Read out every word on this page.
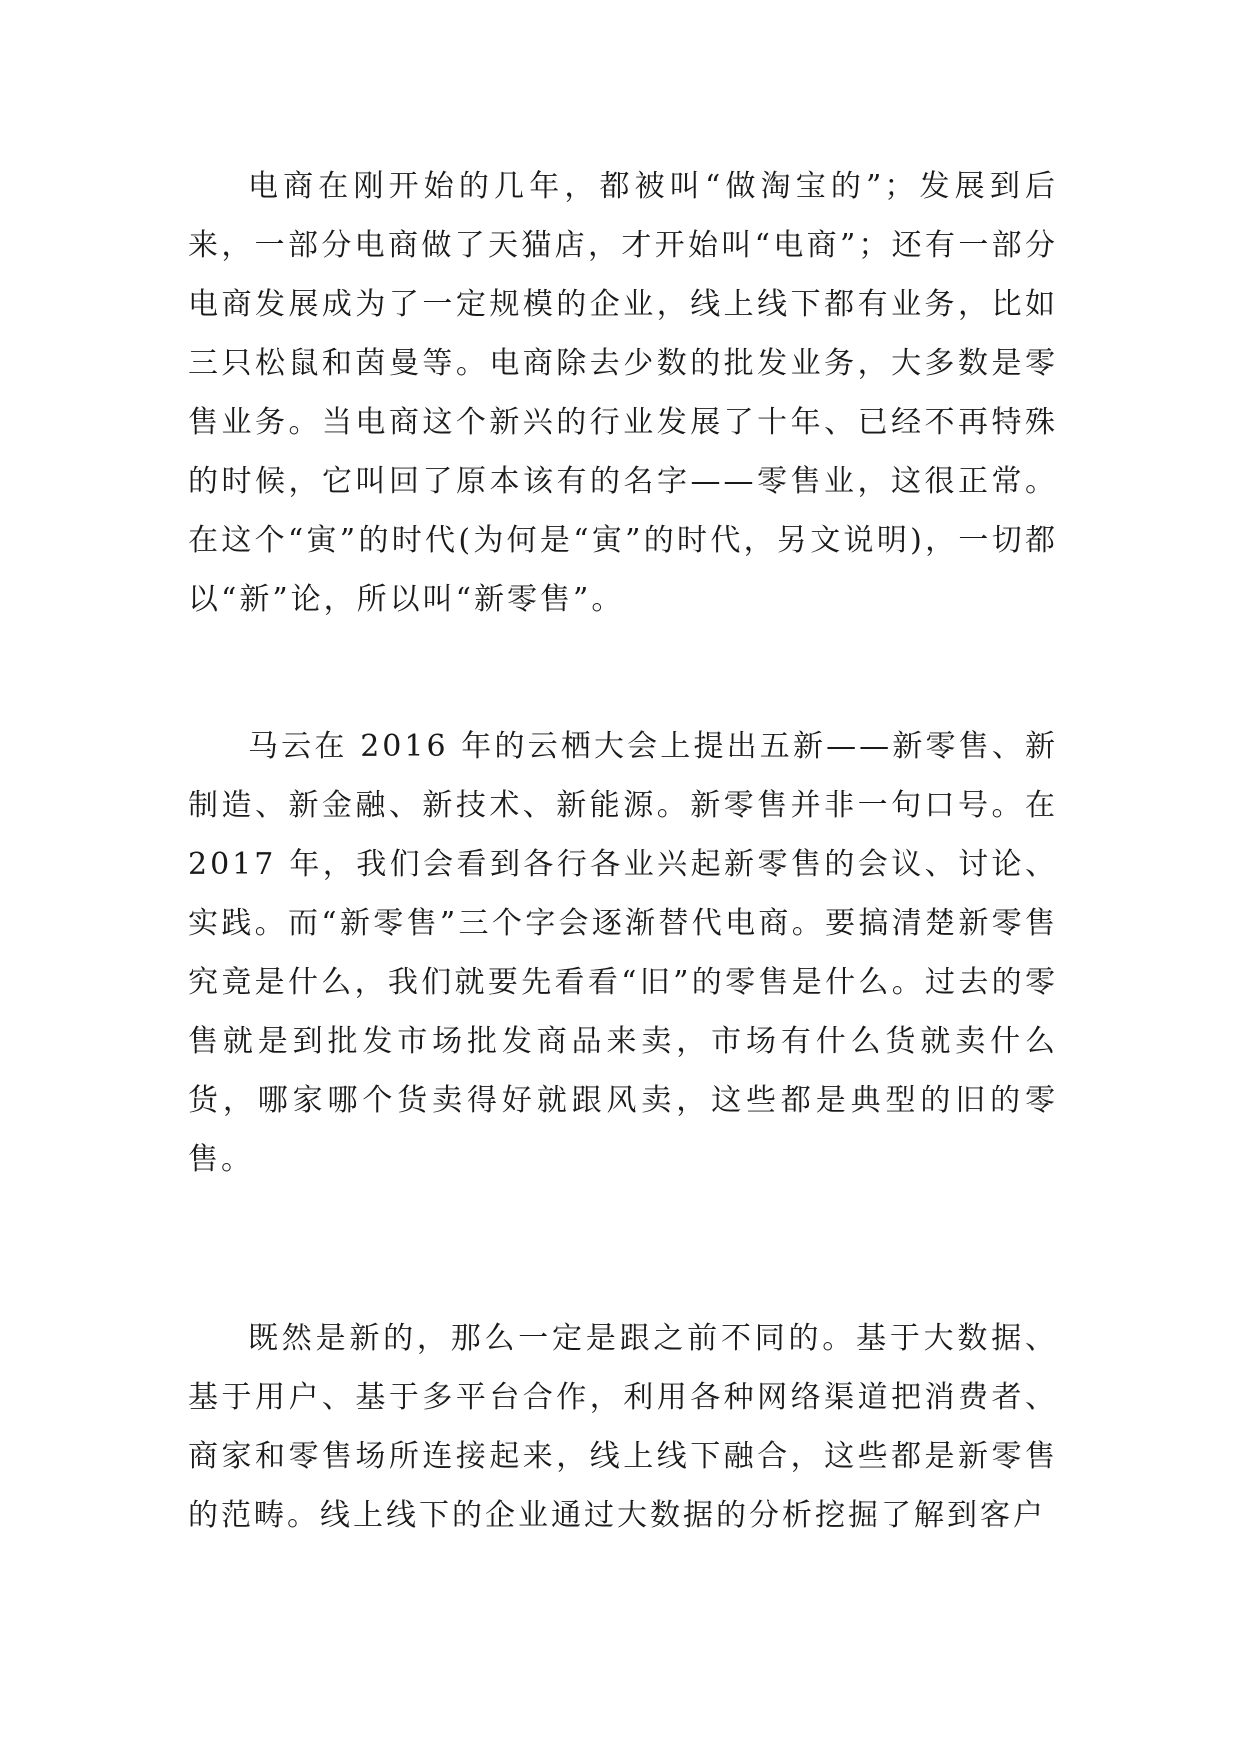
电商在刚开始的几年，都被叫“做淘宝的”；发展到后来，一部分电商做了天猫店，才开始叫“电商”；还有一部分电商发展成为了一定规模的企业，线上线下都有业务，比如三只松鼠和茵曼等。电商除去少数的批发业务，大多数是零售业务。当电商这个新兴的行业发展了十年、已经不再特殊的时候，它叫回了原本该有的名字——零售业，这很正常。在这个“寅”的时代(为何是“寅”的时代，另文说明)，一切都以“新”论，所以叫“新零售”。

马云在 2016 年的云栖大会上提出五新——新零售、新制造、新金融、新技术、新能源。新零售并非一句口号。在 2017 年，我们会看到各行各业兴起新零售的会议、讨论、实践。而“新零售”三个字会逐渐替代电商。要搞清楚新零售究竟是什么，我们就要先看看“旧”的零售是什么。过去的零售就是到批发市场批发商品来卖，市场有什么货就卖什么货，哪家哪个货卖得好就跟风卖，这些都是典型的旧的零售。

既然是新的，那么一定是跟之前不同的。基于大数据、基于用户、基于多平台合作，利用各种网络渠道把消费者、商家和零售场所连接起来，线上线下融合，这些都是新零售的范畴。线上线下的企业通过大数据的分析挖掘了解到客户
